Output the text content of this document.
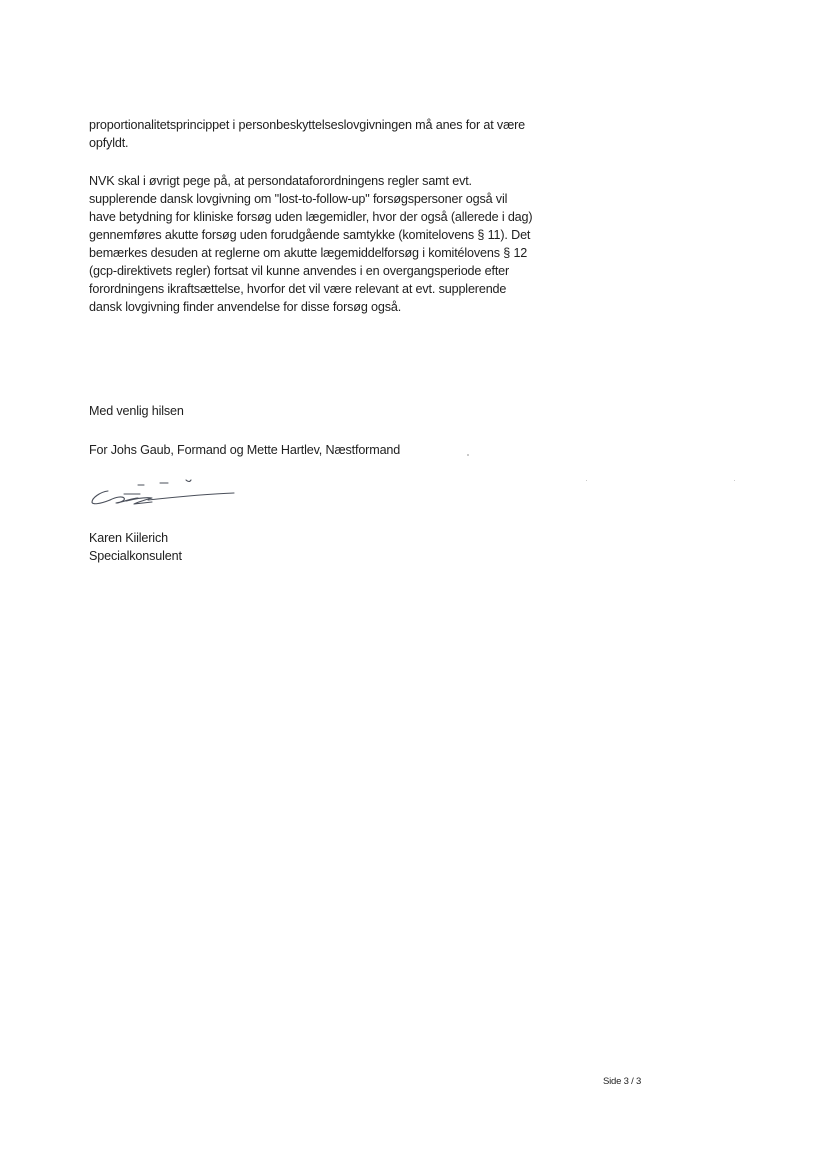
proportionalitetsprincippet i personbeskyttelseslovgivningen må anes for at være

opfyldt.

NVK skal i øvrigt pege på, at persondataforordningens regler samt evt.

supplerende dansk lovgivning om "lost-to-follow-up" forsøgspersoner også vil

have betydning for kliniske forsøg uden lægemidler, hvor der også (allerede i dag)

gennemføres akutte forsøg uden forudgående samtykke (komitelovens § 11). Det

bemærkes desuden at reglerne om akutte lægemiddelforsøg i komitélovens § 12

(gcp-direktivets regler) fortsat vil kunne anvendes i en overgangsperiode efter

forordningens ikraftsættelse, hvorfor det vil være relevant at evt. supplerende

dansk lovgivning finder anvendelse for disse forsøg også.

Med venlig hilsen

For Johs Gaub, Formand og Mette Hartlev, Næstformand

Karen Kiilerich

Specialkonsulent

Side 3 / 3
